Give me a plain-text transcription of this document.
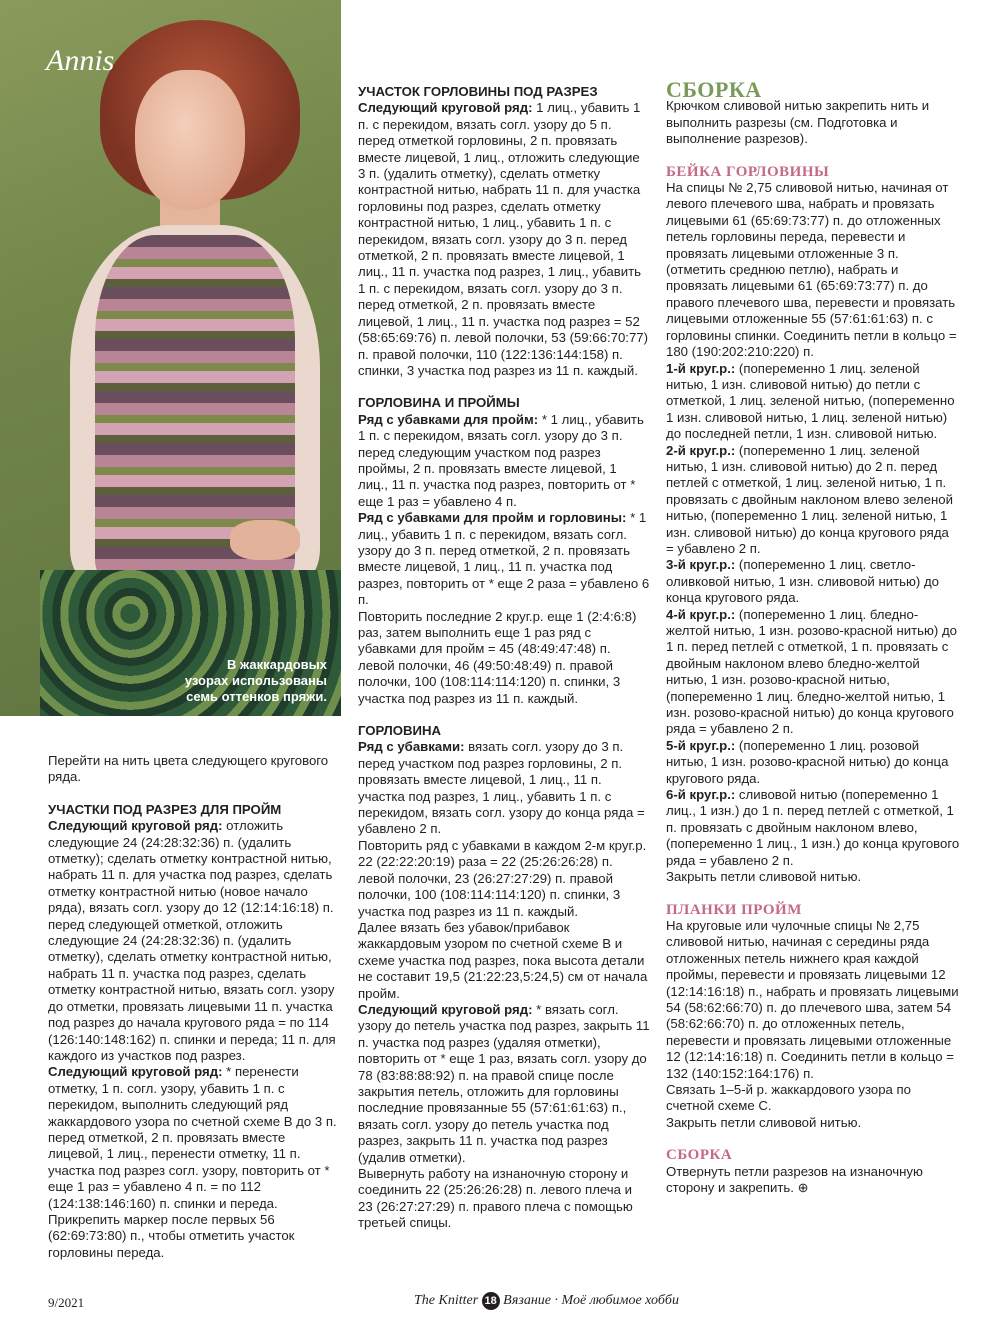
Annis
В жаккардовых
узорах использованы
семь оттенков пряжи.

Перейти на нить цвета следующего кругового ряда.

УЧАСТКИ ПОД РАЗРЕЗ ДЛЯ ПРОЙМ

Следующий круговой ряд: отложить следующие 24 (24:28:32:36) п. (удалить отметку); сделать отметку контрастной нитью, набрать 11 п. для участка под разрез, сделать отметку контрастной нитью (новое начало ряда), вязать согл. узору до 12 (12:14:16:18) п. перед следующей отметкой, отложить следующие 24 (24:28:32:36) п. (удалить отметку), сделать отметку контрастной нитью, набрать 11 п. участка под разрез, сделать отметку контрастной нитью, вязать согл. узору до отметки, провязать лицевыми 11 п. участка под разрез до начала кругового ряда = по 114 (126:140:148:162) п. спинки и переда; 11 п. для каждого из участков под разрез.

Следующий круговой ряд: * перенести отметку, 1 п. согл. узору, убавить 1 п. с перекидом, выполнить следующий ряд жаккардового узора по счетной схеме В до 3 п. перед отметкой, 2 п. провязать вместе лицевой, 1 лиц., перенести отметку, 11 п. участка под разрез согл. узору, повторить от * еще 1 раз = убавлено 4 п. = по 112 (124:138:146:160) п. спинки и переда.

Прикрепить маркер после первых 56 (62:69:73:80) п., чтобы отметить участок горловины переда.

УЧАСТОК ГОРЛОВИНЫ ПОД РАЗРЕЗ

Следующий круговой ряд: 1 лиц., убавить 1 п. с перекидом, вязать согл. узору до 5 п. перед отметкой горловины, 2 п. провязать вместе лицевой, 1 лиц., отложить следующие 3 п. (удалить отметку), сделать отметку контрастной нитью, набрать 11 п. для участка горловины под разрез, сделать отметку контрастной нитью, 1 лиц., убавить 1 п. с перекидом, вязать согл. узору до 3 п. перед отметкой, 2 п. провязать вместе лицевой, 1 лиц., 11 п. участка под разрез, 1 лиц., убавить 1 п. с перекидом, вязать согл. узору до 3 п. перед отметкой, 2 п. провязать вместе лицевой, 1 лиц., 11 п. участка под разрез = 52 (58:65:69:76) п. левой полочки, 53 (59:66:70:77) п. правой полочки, 110 (122:136:144:158) п. спинки, 3 участка под разрез из 11 п. каждый.

ГОРЛОВИНА И ПРОЙМЫ

Ряд с убавками для пройм: * 1 лиц., убавить 1 п. с перекидом, вязать согл. узору до 3 п. перед следующим участком под разрез проймы, 2 п. провязать вместе лицевой, 1 лиц., 11 п. участка под разрез, повторить от * еще 1 раз = убавлено 4 п.

Ряд с убавками для пройм и горловины: * 1 лиц., убавить 1 п. с перекидом, вязать согл. узору до 3 п. перед отметкой, 2 п. провязать вместе лицевой, 1 лиц., 11 п. участка под разрез, повторить от * еще 2 раза = убавлено 6 п.

Повторить последние 2 круг.р. еще 1 (2:4:6:8) раз, затем выполнить еще 1 раз ряд с убавками для пройм = 45 (48:49:47:48) п. левой полочки, 46 (49:50:48:49) п. правой полочки, 100 (108:114:114:120) п. спинки, 3 участка под разрез из 11 п. каждый.

ГОРЛОВИНА

Ряд с убавками: вязать согл. узору до 3 п. перед участком под разрез горловины, 2 п. провязать вместе лицевой, 1 лиц., 11 п. участка под разрез, 1 лиц., убавить 1 п. с перекидом, вязать согл. узору до конца ряда = убавлено 2 п.

Повторить ряд с убавками в каждом 2-м круг.р. 22 (22:22:20:19) раза = 22 (25:26:26:28) п. левой полочки, 23 (26:27:27:29) п. правой полочки, 100 (108:114:114:120) п. спинки, 3 участка под разрез из 11 п. каждый.

Далее вязать без убавок/прибавок жаккардовым узором по счетной схеме В и схеме участка под разрез, пока высота детали не составит 19,5 (21:22:23,5:24,5) см от начала пройм.

Следующий круговой ряд: * вязать согл. узору до петель участка под разрез, закрыть 11 п. участка под разрез (удаляя отметки), повторить от * еще 1 раз, вязать согл. узору до 78 (83:88:88:92) п. на правой спице после закрытия петель, отложить для горловины последние провязанные 55 (57:61:61:63) п., вязать согл. узору до петель участка под разрез, закрыть 11 п. участка под разрез (удалив отметки).

Вывернуть работу на изнаночную сторону и соединить 22 (25:26:26:28) п. левого плеча и 23 (26:27:27:29) п. правого плеча с помощью третьей спицы.

СБОРКА

Крючком сливовой нитью закрепить нить и выполнить разрезы (см. Подготовка и выполнение разрезов).

БЕЙКА ГОРЛОВИНЫ

На спицы № 2,75 сливовой нитью, начиная от левого плечевого шва, набрать и провязать лицевыми 61 (65:69:73:77) п. до отложенных петель горловины переда, перевести и провязать лицевыми отложенные 3 п. (отметить среднюю петлю), набрать и провязать лицевыми 61 (65:69:73:77) п. до правого плечевого шва, перевести и провязать лицевыми отложенные 55 (57:61:61:63) п. с горловины спинки. Соединить петли в кольцо = 180 (190:202:210:220) п.

1-й круг.р.: (попеременно 1 лиц. зеленой нитью, 1 изн. сливовой нитью) до петли с отметкой, 1 лиц. зеленой нитью, (попеременно 1 изн. сливовой нитью, 1 лиц. зеленой нитью) до последней петли, 1 изн. сливовой нитью.

2-й круг.р.: (попеременно 1 лиц. зеленой нитью, 1 изн. сливовой нитью) до 2 п. перед петлей с отметкой, 1 лиц. зеленой нитью, 1 п. провязать с двойным наклоном влево зеленой нитью, (попеременно 1 лиц. зеленой нитью, 1 изн. сливовой нитью) до конца кругового ряда = убавлено 2 п.

3-й круг.р.: (попеременно 1 лиц. светло-оливковой нитью, 1 изн. сливовой нитью) до конца кругового ряда.

4-й круг.р.: (попеременно 1 лиц. бледно-желтой нитью, 1 изн. розово-красной нитью) до 1 п. перед петлей с отметкой, 1 п. провязать с двойным наклоном влево бледно-желтой нитью, 1 изн. розово-красной нитью, (попеременно 1 лиц. бледно-желтой нитью, 1 изн. розово-красной нитью) до конца кругового ряда = убавлено 2 п.

5-й круг.р.: (попеременно 1 лиц. розовой нитью, 1 изн. розово-красной нитью) до конца кругового ряда.

6-й круг.р.: сливовой нитью (попеременно 1 лиц., 1 изн.) до 1 п. перед петлей с отметкой, 1 п. провязать с двойным наклоном влево, (попеременно 1 лиц., 1 изн.) до конца кругового ряда = убавлено 2 п.

Закрыть петли сливовой нитью.

ПЛАНКИ ПРОЙМ

На круговые или чулочные спицы № 2,75 сливовой нитью, начиная с середины ряда отложенных петель нижнего края каждой проймы, перевести и провязать лицевыми 12 (12:14:16:18) п., набрать и провязать лицевыми 54 (58:62:66:70) п. до плечевого шва, затем 54 (58:62:66:70) п. до отложенных петель, перевести и провязать лицевыми отложенные 12 (12:14:16:18) п. Соединить петли в кольцо = 132 (140:152:164:176) п.

Связать 1–5-й р. жаккардового узора по счетной схеме С.

Закрыть петли сливовой нитью.

СБОРКА

Отвернуть петли разрезов на изнаночную сторону и закрепить. ⊕

9/2021	The Knitter 18 Вязание · Моё любимое хобби
